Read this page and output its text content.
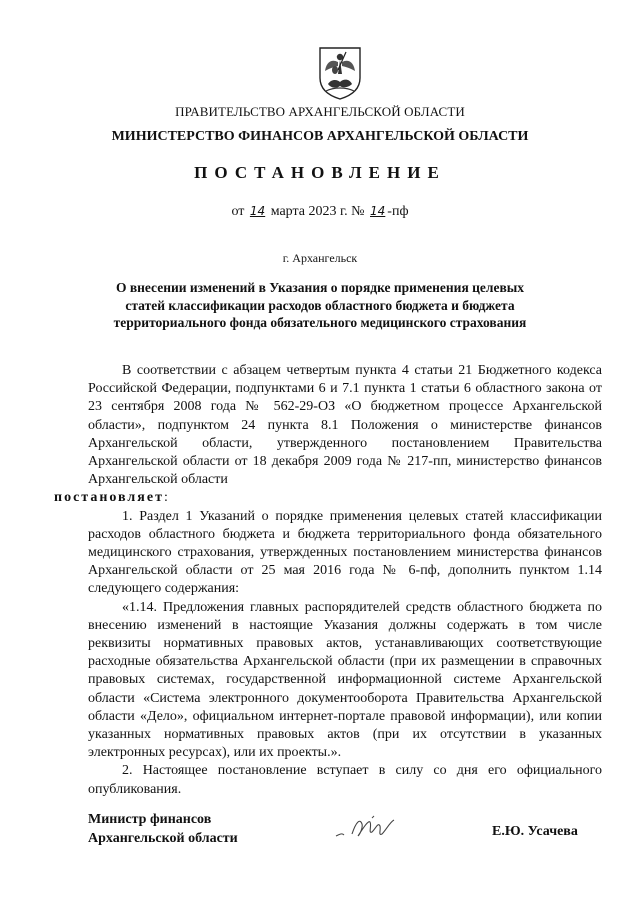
ПРАВИТЕЛЬСТВО АРХАНГЕЛЬСКОЙ ОБЛАСТИ
МИНИСТЕРСТВО ФИНАНСОВ АРХАНГЕЛЬСКОЙ ОБЛАСТИ
ПОСТАНОВЛЕНИЕ
от 14 марта 2023 г. № 14 -пф
г. Архангельск
О внесении изменений в Указания о порядке применения целевых статей классификации расходов областного бюджета и бюджета территориального фонда обязательного медицинского страхования

В соответствии с абзацем четвертым пункта 4 статьи 21 Бюджетного кодекса Российской Федерации, подпунктами 6 и 7.1 пункта 1 статьи 6 областного закона от 23 сентября 2008 года № 562-29-ОЗ «О бюджетном процессе Архангельской области», подпунктом 24 пункта 8.1 Положения о министерстве финансов Архангельской области, утвержденного постановлением Правительства Архангельской области от 18 декабря 2009 года № 217-пп, министерство финансов Архангельской области
постановляет:

1. Раздел 1 Указаний о порядке применения целевых статей классификации расходов областного бюджета и бюджета территориального фонда обязательного медицинского страхования, утвержденных постановлением министерства финансов Архангельской области от 25 мая 2016 года № 6-пф, дополнить пунктом 1.14 следующего содержания:

«1.14. Предложения главных распорядителей средств областного бюджета по внесению изменений в настоящие Указания должны содержать в том числе реквизиты нормативных правовых актов, устанавливающих соответствующие расходные обязательства Архангельской области (при их размещении в справочных правовых системах, государственной информационной системе Архангельской области «Система электронного документооборота Правительства Архангельской области «Дело», официальном интернет-портале правовой информации), или копии указанных нормативных правовых актов (при их отсутствии в указанных электронных ресурсах), или их проекты.».

2. Настоящее постановление вступает в силу со дня его официального опубликования.

Министр финансов
Архангельской области	Е.Ю. Усачева
